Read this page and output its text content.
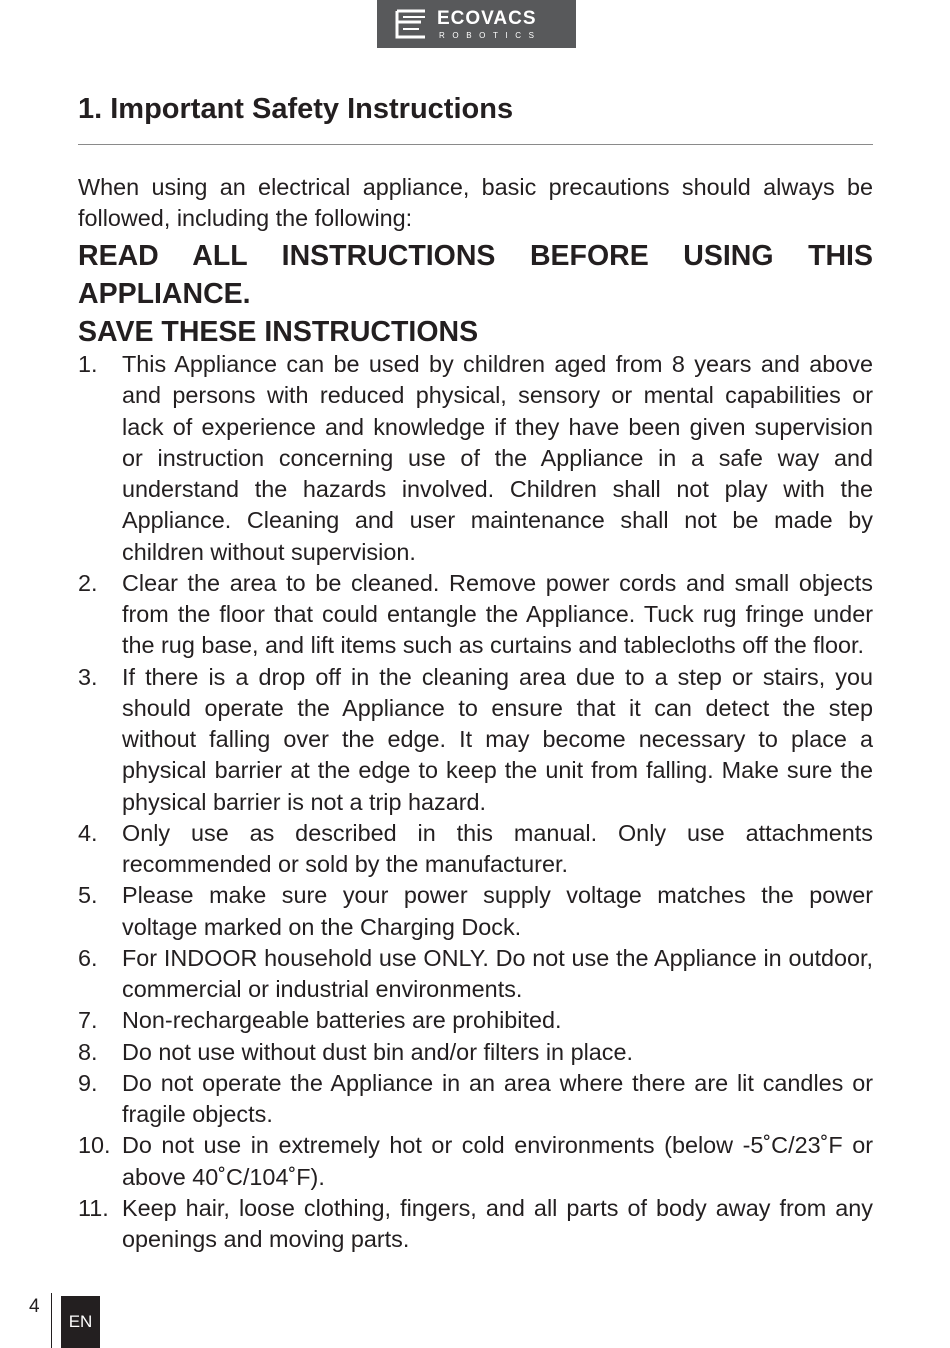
ECOVACS
ROBOTICS
1. Important Safety Instructions

When using an electrical appliance, basic precautions should always be followed, including the following:

READ ALL INSTRUCTIONS BEFORE USING THIS APPLIANCE.

SAVE THESE INSTRUCTIONS

1. This Appliance can be used by children aged from 8 years and above and persons with reduced physical, sensory or mental capabilities or lack of experience and knowledge if they have been given supervision or instruction concerning use of the Appliance in a safe way and understand the hazards involved. Children shall not play with the Appliance. Cleaning and user maintenance shall not be made by children without supervision.
2. Clear the area to be cleaned. Remove power cords and small objects from the floor that could entangle the Appliance. Tuck rug fringe under the rug base, and lift items such as curtains and tablecloths off the floor.
3. If there is a drop off in the cleaning area due to a step or stairs, you should operate the Appliance to ensure that it can detect the step without falling over the edge. It may become necessary to place a physical barrier at the edge to keep the unit from falling. Make sure the physical barrier is not a trip hazard.
4. Only use as described in this manual. Only use attachments recommended or sold by the manufacturer.
5. Please make sure your power supply voltage matches the power voltage marked on the Charging Dock.
6. For INDOOR household use ONLY. Do not use the Appliance in outdoor, commercial or industrial environments.
7. Non-rechargeable batteries are prohibited.
8. Do not use without dust bin and/or filters in place.
9. Do not operate the Appliance in an area where there are lit candles or fragile objects.
10. Do not use in extremely hot or cold environments (below -5˚C/23˚F or above 40˚C/104˚F).
11. Keep hair, loose clothing, fingers, and all parts of body away from any openings and moving parts.
4
EN
